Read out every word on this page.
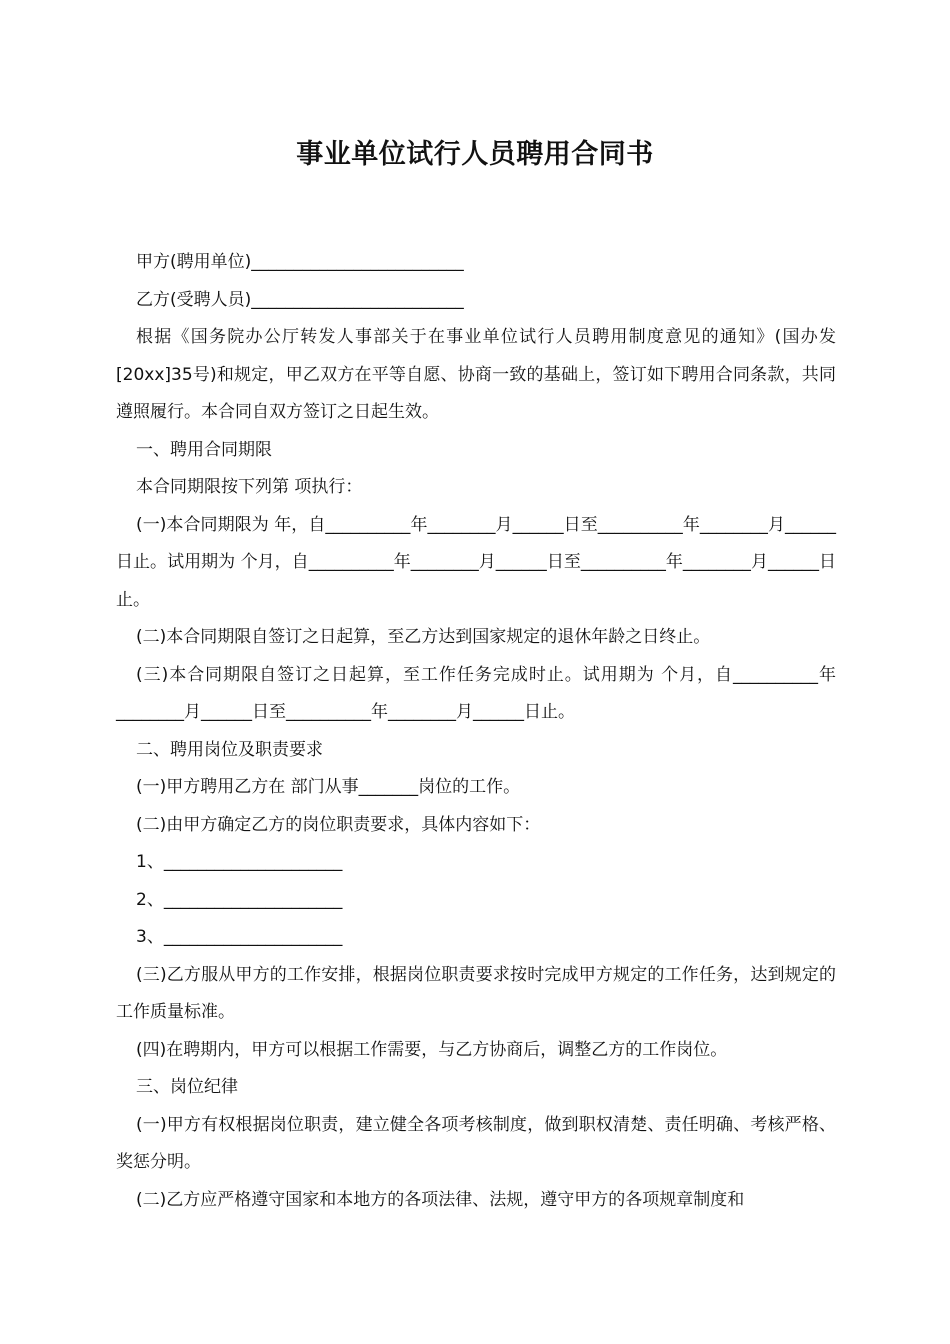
事业单位试行人员聘用合同书

甲方(聘用单位)_________________________

乙方(受聘人员)_________________________

根据《国务院办公厅转发人事部关于在事业单位试行人员聘用制度意见的通知》(国办发[20xx]35号)和规定，甲乙双方在平等自愿、协商一致的基础上，签订如下聘用合同条款，共同遵照履行。本合同自双方签订之日起生效。

一、聘用合同期限

本合同期限按下列第 项执行：

(一)本合同期限为 年，自__________年________月______日至__________年________月______日止。试用期为 个月，自__________年________月______日至__________年________月______日止。

(二)本合同期限自签订之日起算，至乙方达到国家规定的退休年龄之日终止。

(三)本合同期限自签订之日起算，至工作任务完成时止。试用期为 个月，自__________年________月______日至__________年________月______日止。

二、聘用岗位及职责要求

(一)甲方聘用乙方在 部门从事_______岗位的工作。

(二)由甲方确定乙方的岗位职责要求，具体内容如下：

1、_____________________

2、_____________________

3、_____________________

(三)乙方服从甲方的工作安排，根据岗位职责要求按时完成甲方规定的工作任务，达到规定的工作质量标准。

(四)在聘期内，甲方可以根据工作需要，与乙方协商后，调整乙方的工作岗位。

三、岗位纪律

(一)甲方有权根据岗位职责，建立健全各项考核制度，做到职权清楚、责任明确、考核严格、奖惩分明。

(二)乙方应严格遵守国家和本地方的各项法律、法规，遵守甲方的各项规章制度和
